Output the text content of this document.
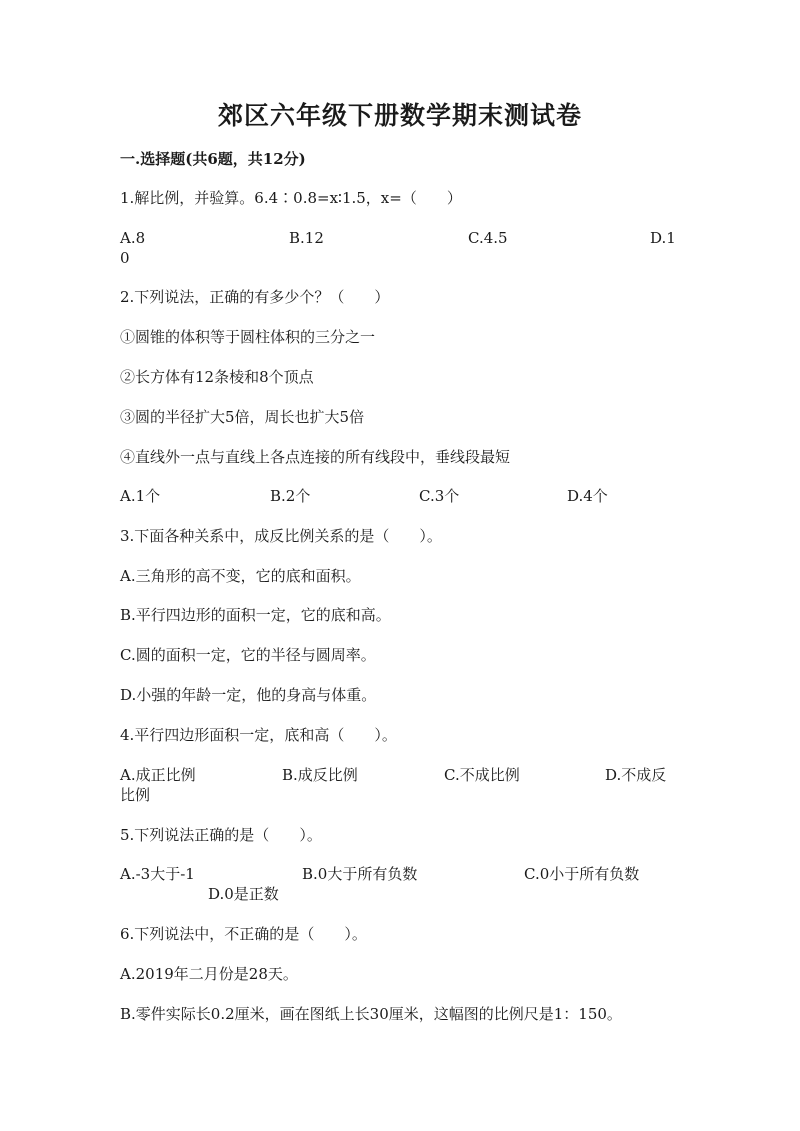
郊区六年级下册数学期末测试卷
一.选择题(共6题，共12分)
1.解比例，并验算。6.4∶0.8=x∶1.5，x=（　　）
A.8	B.12	C.4.5	D.1
0
2.下列说法，正确的有多少个？（　　）
①圆锥的体积等于圆柱体积的三分之一
②长方体有12条棱和8个顶点
③圆的半径扩大5倍，周长也扩大5倍
④直线外一点与直线上各点连接的所有线段中，垂线段最短
A.1个	B.2个	C.3个	D.4个
3.下面各种关系中，成反比例关系的是（　　）。
A.三角形的高不变，它的底和面积。
B.平行四边形的面积一定，它的底和高。
C.圆的面积一定，它的半径与圆周率。
D.小强的年龄一定，他的身高与体重。
4.平行四边形面积一定，底和高（　　）。
A.成正比例	B.成反比例	C.不成比例	D.不成反
比例
5.下列说法正确的是（　　）。
A.-3大于-1	B.0大于所有负数	C.0小于所有负数
D.0是正数
6.下列说法中，不正确的是（　　）。
A.2019年二月份是28天。
B.零件实际长0.2厘米，画在图纸上长30厘米，这幅图的比例尺是1：150。
